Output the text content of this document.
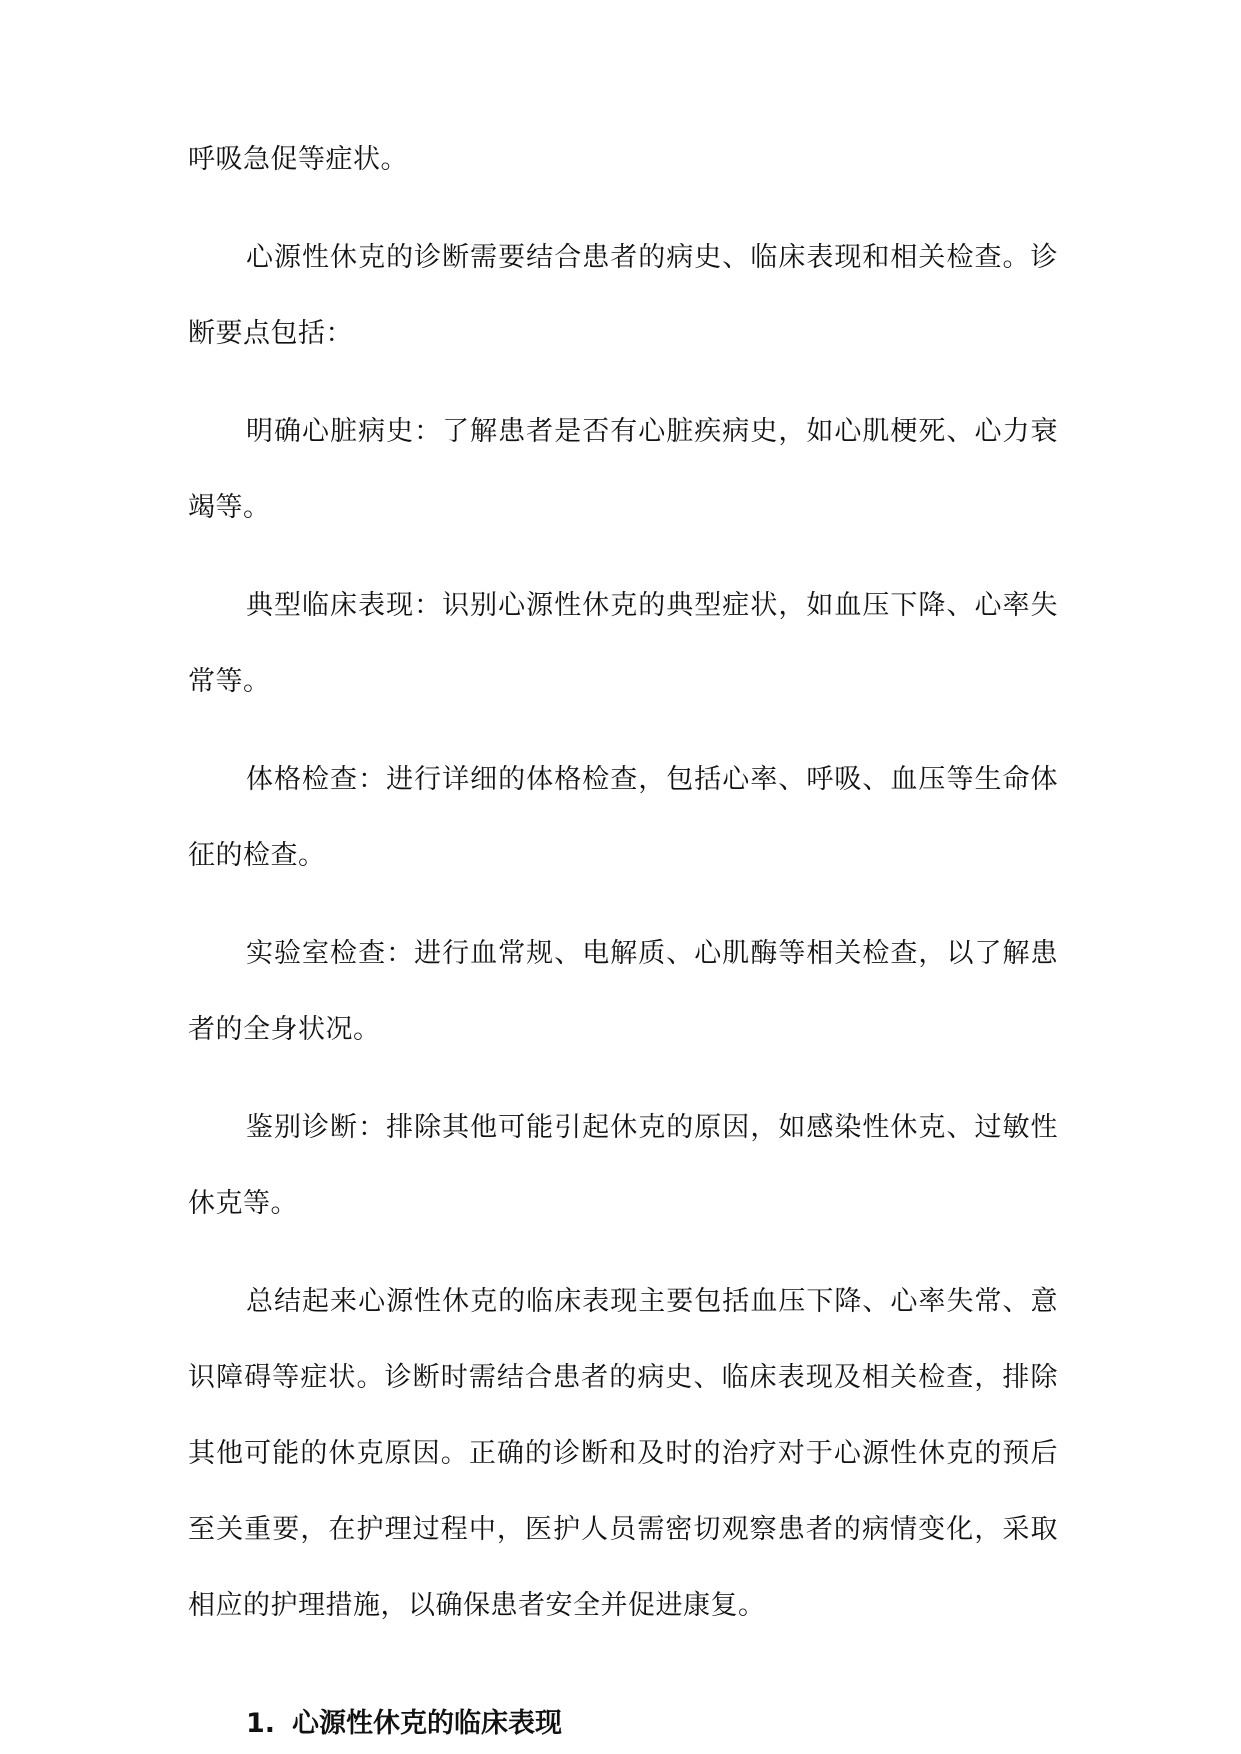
呼吸急促等症状。

心源性休克的诊断需要结合患者的病史、临床表现和相关检查。诊断要点包括：

明确心脏病史：了解患者是否有心脏疾病史，如心肌梗死、心力衰竭等。

典型临床表现：识别心源性休克的典型症状，如血压下降、心率失常等。

体格检查：进行详细的体格检查，包括心率、呼吸、血压等生命体征的检查。

实验室检查：进行血常规、电解质、心肌酶等相关检查，以了解患者的全身状况。

鉴别诊断：排除其他可能引起休克的原因，如感染性休克、过敏性休克等。

总结起来心源性休克的临床表现主要包括血压下降、心率失常、意识障碍等症状。诊断时需结合患者的病史、临床表现及相关检查，排除其他可能的休克原因。正确的诊断和及时的治疗对于心源性休克的预后至关重要，在护理过程中，医护人员需密切观察患者的病情变化，采取相应的护理措施，以确保患者安全并促进康复。

1. 心源性休克的临床表现
